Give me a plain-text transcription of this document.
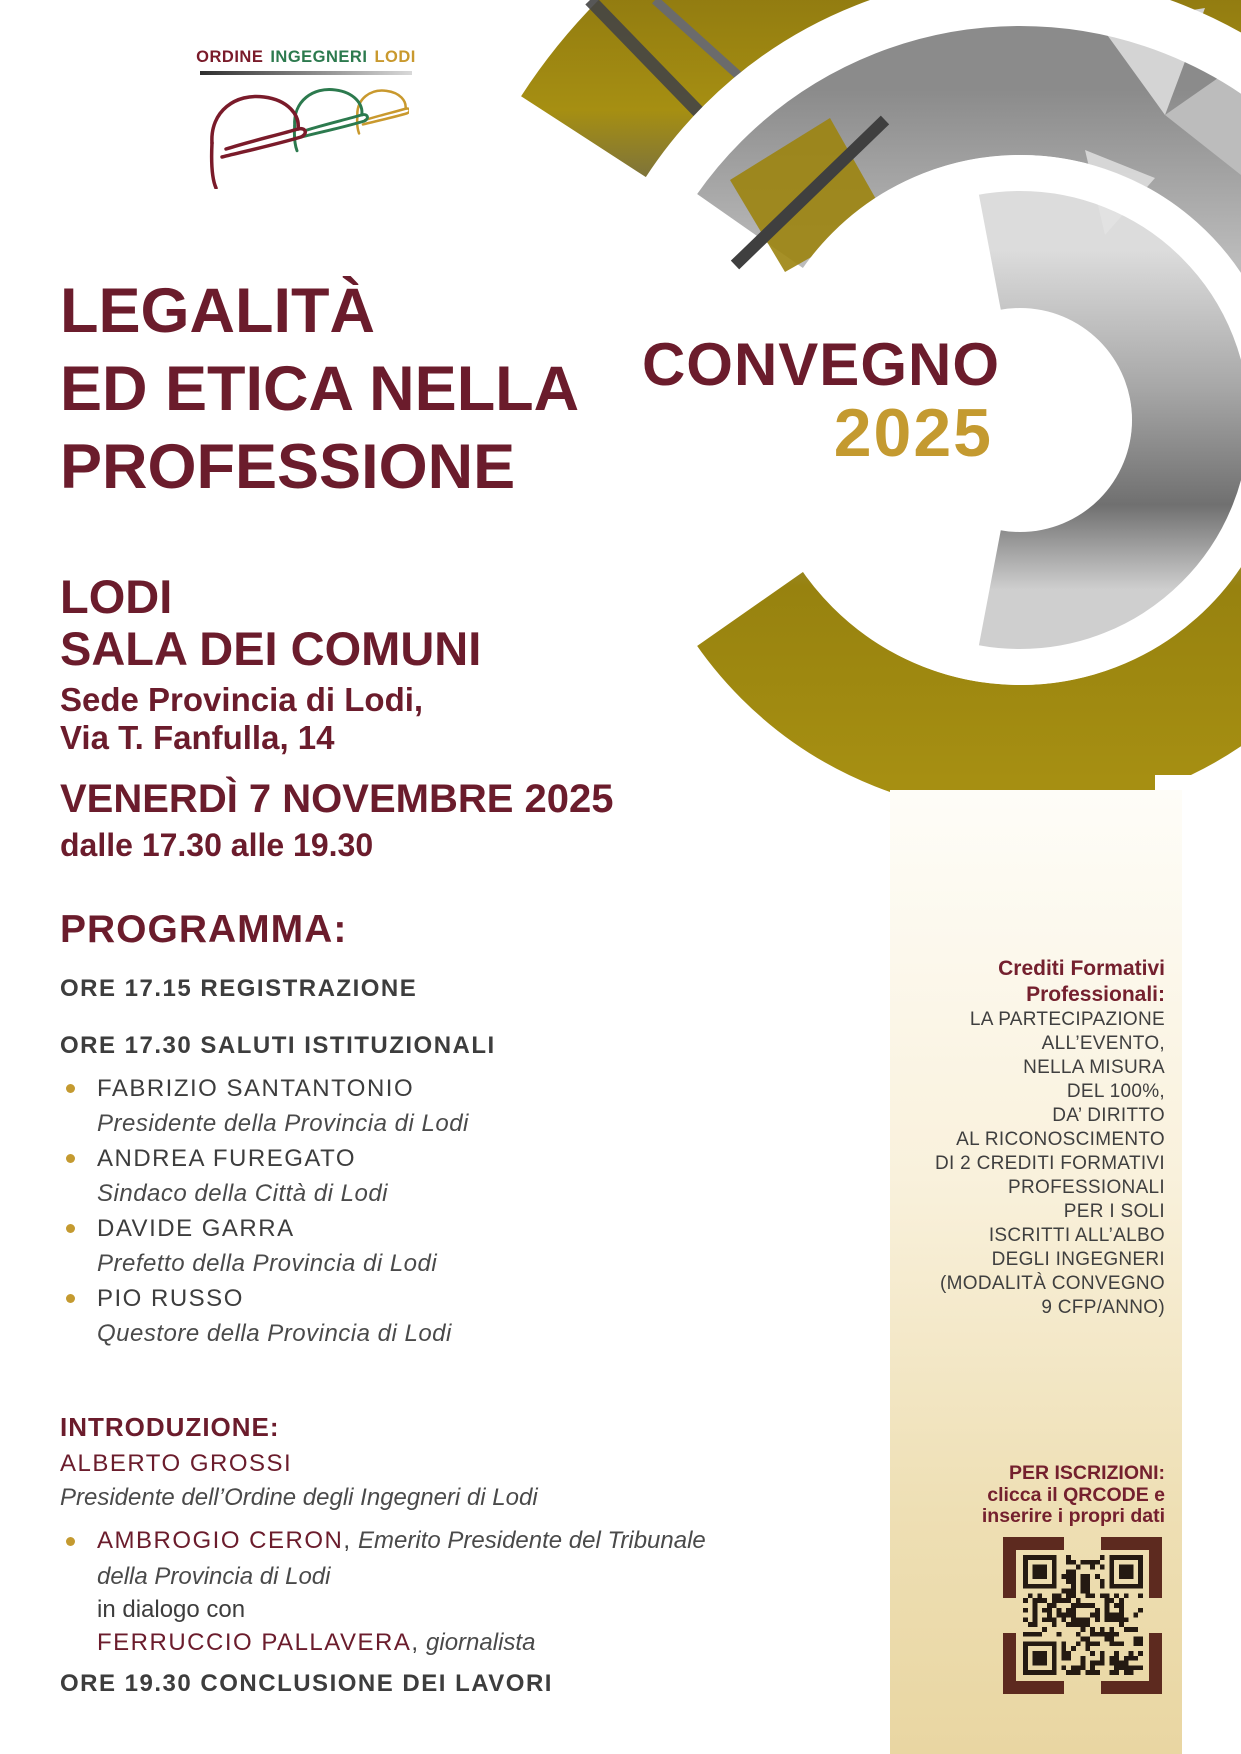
Crediti Formativi
Professionali:
LA PARTECIPAZIONE
ALL’EVENTO,
NELLA MISURA
DEL 100%,
DA’ DIRITTO
AL RICONOSCIMENTO
DI 2 CREDITI FORMATIVI
PROFESSIONALI
PER I SOLI
ISCRITTI ALL’ALBO
DEGLI INGEGNERI
(MODALITÀ CONVEGNO
9 CFP/ANNO)
PER ISCRIZIONI:
clicca il QRCODE e
inserire i propri dati
ORDINE INGEGNERI LODI
CONVEGNO
2025
LEGALITÀ
ED ETICA NELLA
PROFESSIONE
LODI
SALA DEI COMUNI
Sede Provincia di Lodi,
Via T. Fanfulla, 14
VENERDÌ 7 NOVEMBRE 2025
dalle 17.30 alle 19.30
PROGRAMMA:
ORE 17.15 REGISTRAZIONE
ORE 17.30 SALUTI ISTITUZIONALI
FABRIZIO SANTANTONIO
Presidente della Provincia di Lodi
ANDREA FUREGATO
Sindaco della Città di Lodi
DAVIDE GARRA
Prefetto della Provincia di Lodi
PIO RUSSO
Questore della Provincia di Lodi
INTRODUZIONE:
ALBERTO GROSSI
Presidente dell’Ordine degli Ingegneri di Lodi
AMBROGIO CERON, Emerito Presidente del Tribunale
della Provincia di Lodi
in dialogo con
FERRUCCIO PALLAVERA, giornalista
ORE 19.30 CONCLUSIONE DEI LAVORI
